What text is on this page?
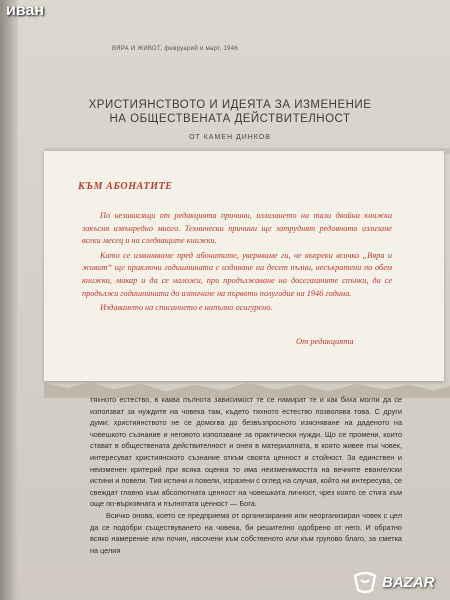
ВЯРА И ЖИВОТ, февруарий и март, 1946
ХРИСТИЯНСТВОТО И ИДЕЯТА ЗА ИЗМЕНЕНИЕ
НА ОБЩЕСТВЕНАТА ДЕЙСТВИТЕЛНОСТ
ОТ КАМЕН ДИНКОВ
КЪМ АБОНАТИТЕ

По независящи от редакцията причини, излизането на тази двойна книжка закъсня извънредно много. Технически причини ще затруднят редовното излизане всеки месец и на следващите книжки.

Като се извиняваме пред абонатите, уверяваме ги, че въпреки всичко „Вяра и живот“ ще приключи годишнината с издаване на десет пълни, несъкратени по обем книжки, макар и да се наложи, при продължаване на досегашните спънки, да се продължи годишнината до изтичане на първото полугодие на 1946 година.

Издаването на списанието е напълно осигурено.

От редакцията

тяхното естество, в каква пълнота зависимост те се намират те и как биха могли да се използват за нуждите на човека там, където тяхното естество позволява това. С други думи: християнството не се домогва до безвъзпросното изясняване на даденото на човешкото съзнание и неговото използване за практически нужди. Що се промени, които стават в обществената действителност и онея в материалната, в която живее пък човек, интересуват християнското съзнание откъм своята ценност и стойност. За единствен и неизменен критерий при всяка оценка то има неизменимостта на вечните евангелски истини и повели. Тия истини и повели, изразени с оглед на случая, който ни интересува, се свеждат главно към абсолютната ценност на човешката личност, чрез която се стига към още по-върховната и пълнотата ценност — Бога.

Всичко онова, което се предприема от организирания или неорганизиран човек с цел да се подобри съществуването на човека, би решително одобрено от него. И обратно всяко намерение или почин, насочени към собственото или към групово благо, за сметка на целия

иван
BAZAR
